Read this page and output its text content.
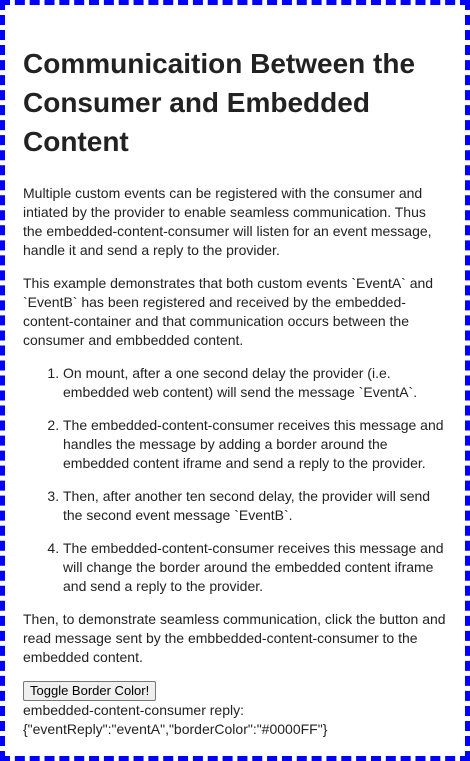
Communicaition Between the Consumer and Embedded Content

Multiple custom events can be registered with the consumer and intiated by the provider to enable seamless communication. Thus the embedded-content-consumer will listen for an event message, handle it and send a reply to the provider.

This example demonstrates that both custom events `EventA` and `EventB` has been registered and received by the embedded-content-container and that communication occurs between the consumer and embbedded content.

1. On mount, after a one second delay the provider (i.e. embedded web content) will send the message `EventA`.
2. The embedded-content-consumer receives this message and handles the message by adding a border around the embedded content iframe and send a reply to the provider.
3. Then, after another ten second delay, the provider will send the second event message `EventB`.
4. The embedded-content-consumer receives this message and will change the border around the embedded content iframe and send a reply to the provider.

Then, to demonstrate seamless communication, click the button and read message sent by the embbedded-content-consumer to the embedded content.

Toggle Border Color!
embedded-content-consumer reply:
{"eventReply":"eventA","borderColor":"#0000FF"}
